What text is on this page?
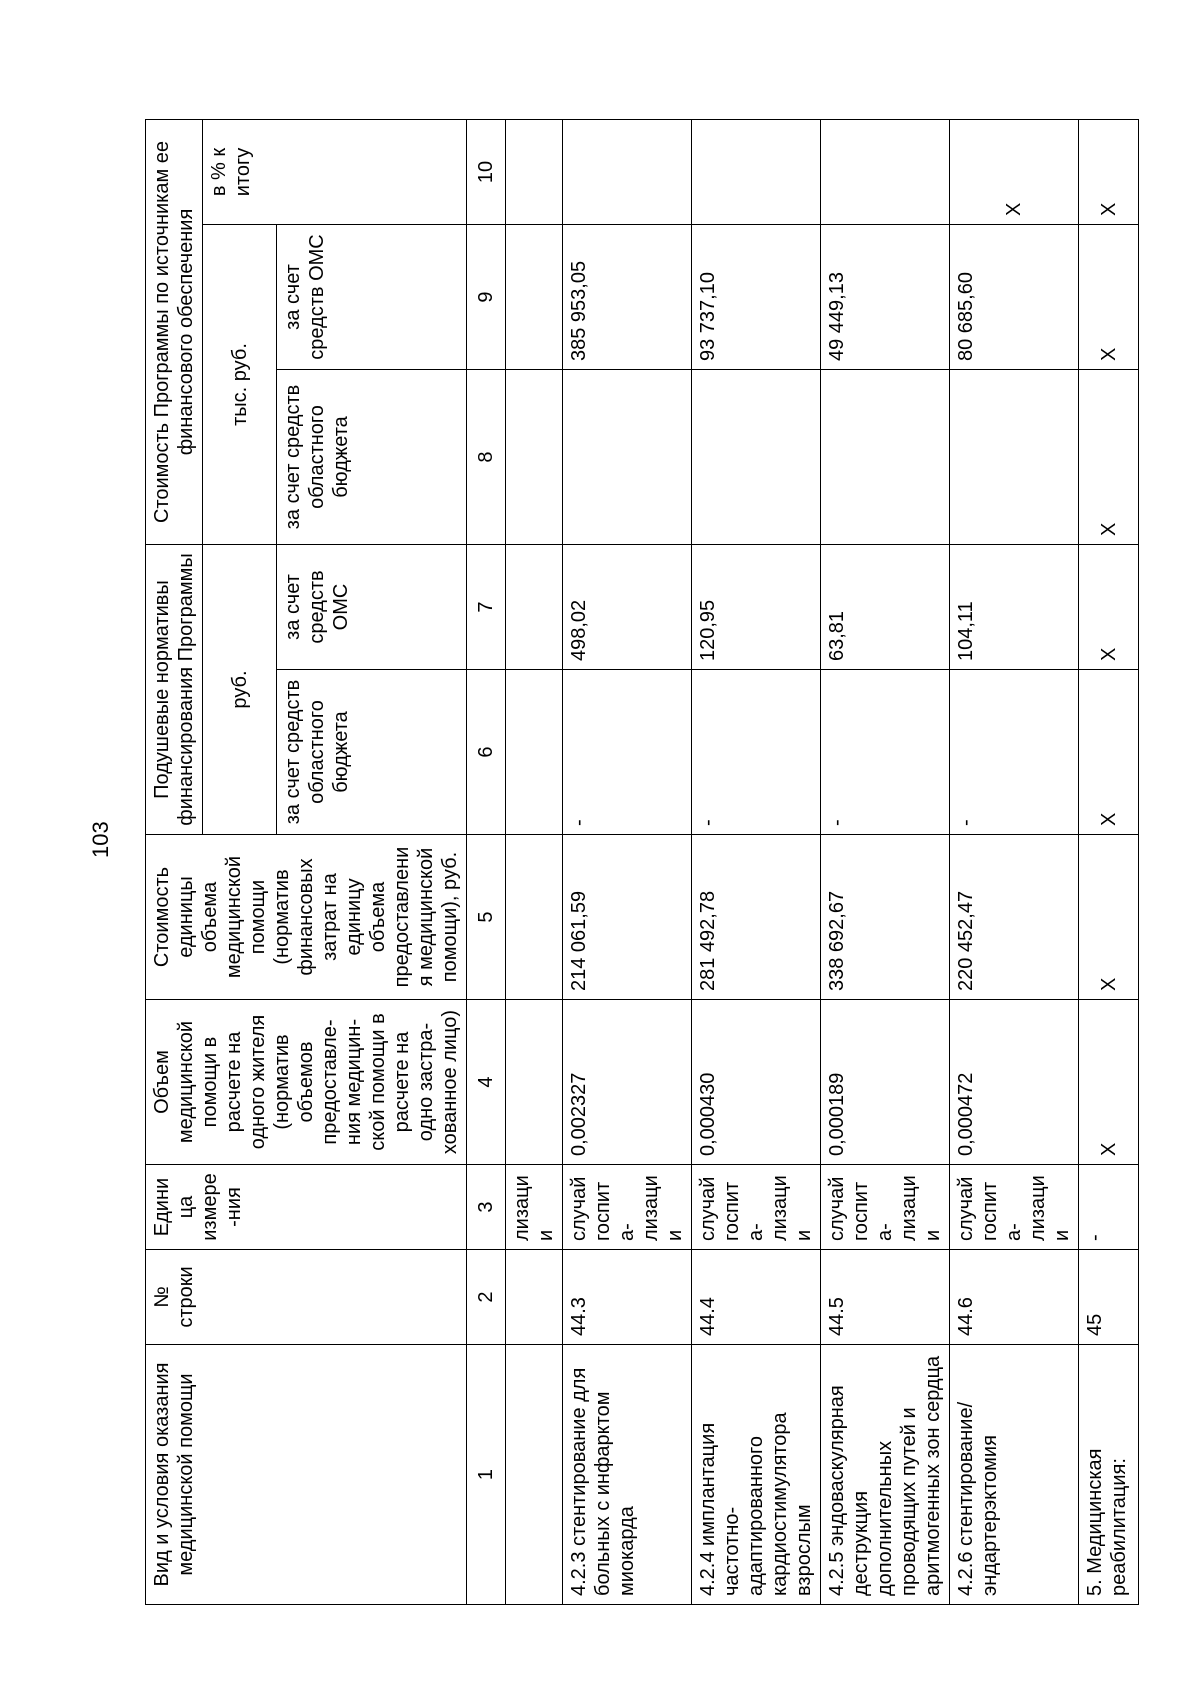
103
Вид и условия оказания медицинской помощи	№ строки	Единица измере-ния	Объем медицинской помощи в расчете на одного жителя (норматив объемов предоставле-ния медицин-ской помощи в расчете на одно застра-хованное лицо)	Стоимость единицы объема медицинской помощи (норматив финансовых затрат на единицу объема предоставления медицинской помощи), руб.	Подушевые нормативы финансирования Программы		Стоимость Программы по источникам ее финансового обеспечения		
					руб.		тыс. руб.		в % к итогу
					за счет средств областного бюджета	за счет средств ОМС	за счет средств областного бюджета	за счет средств ОМС	
1	2	3	4	5	6	7	8	9	10
		лизации							
4.2.3 стентирование для больных с инфарктом миокарда	44.3	случай госпита-лизации	0,002327	214 061,59	-	498,02		385 953,05	
4.2.4 имплантация частотно-адаптированного кардиостимулятора взрослым	44.4	случай госпита-лизации	0,000430	281 492,78	-	120,95		93 737,10	
4.2.5 эндоваскулярная деструкция дополнительных проводящих путей и аритмогенных зон сердца	44.5	случай госпита-лизации	0,000189	338 692,67	-	63,81		49 449,13	
4.2.6 стентирование/ эндартерэктомия	44.6	случай госпита-лизации	0,000472	220 452,47	-	104,11		80 685,60	X
5. Медицинская реабилитация:	45	-	X	X	X	X	X	X	X
